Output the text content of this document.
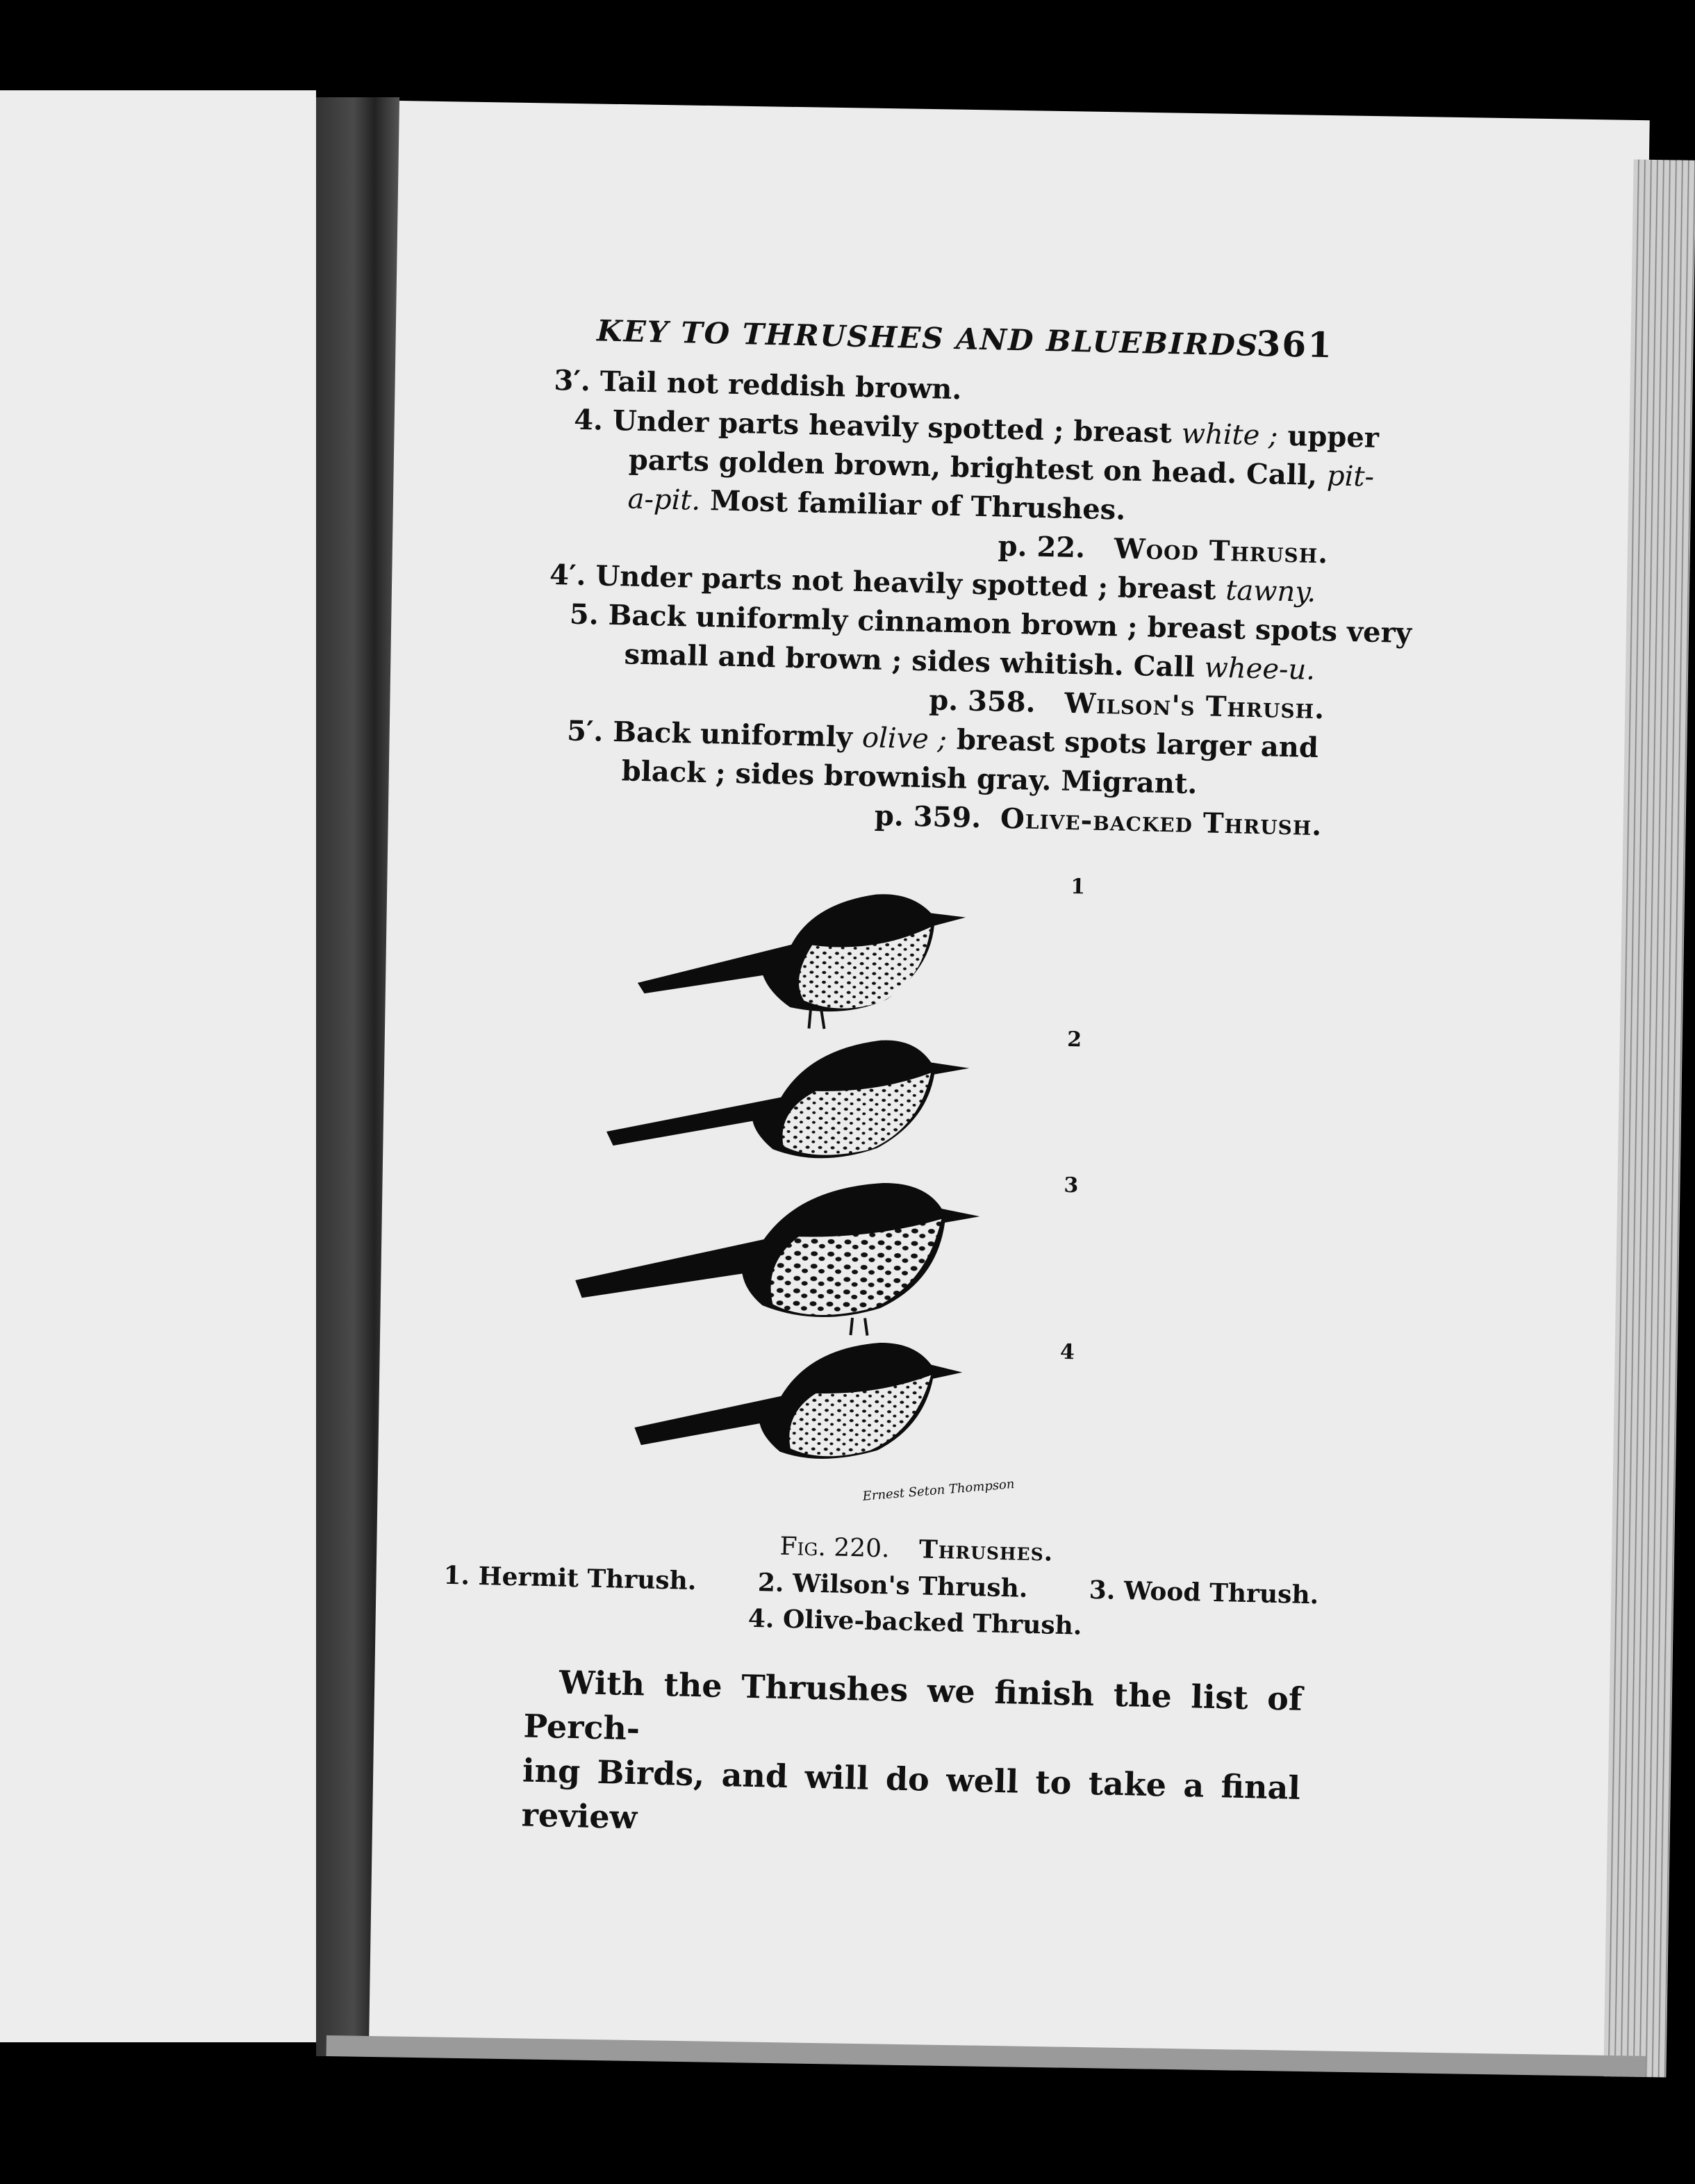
KEY TO THRUSHES AND BLUEBIRDS
361
3′. Tail not reddish brown.
4. Under parts heavily spotted ; breast white ; upper
parts golden brown, brightest on head. Call, pit-
a-pit. Most familiar of Thrushes.
p. 22. Wood Thrush.
4′. Under parts not heavily spotted ; breast tawny.
5. Back uniformly cinnamon brown ; breast spots very
small and brown ; sides whitish. Call whee-u.
p. 358. Wilson's Thrush.
5′. Back uniformly olive ; breast spots larger and
black ; sides brownish gray. Migrant.
p. 359. Olive-backed Thrush.
1
2
3
4
Ernest Seton Thompson
Fig. 220. Thrushes.
1. Hermit Thrush. 2. Wilson's Thrush. 3. Wood Thrush.
4. Olive-backed Thrush.
With the Thrushes we finish the list of Perch-
ing Birds, and will do well to take a final review
